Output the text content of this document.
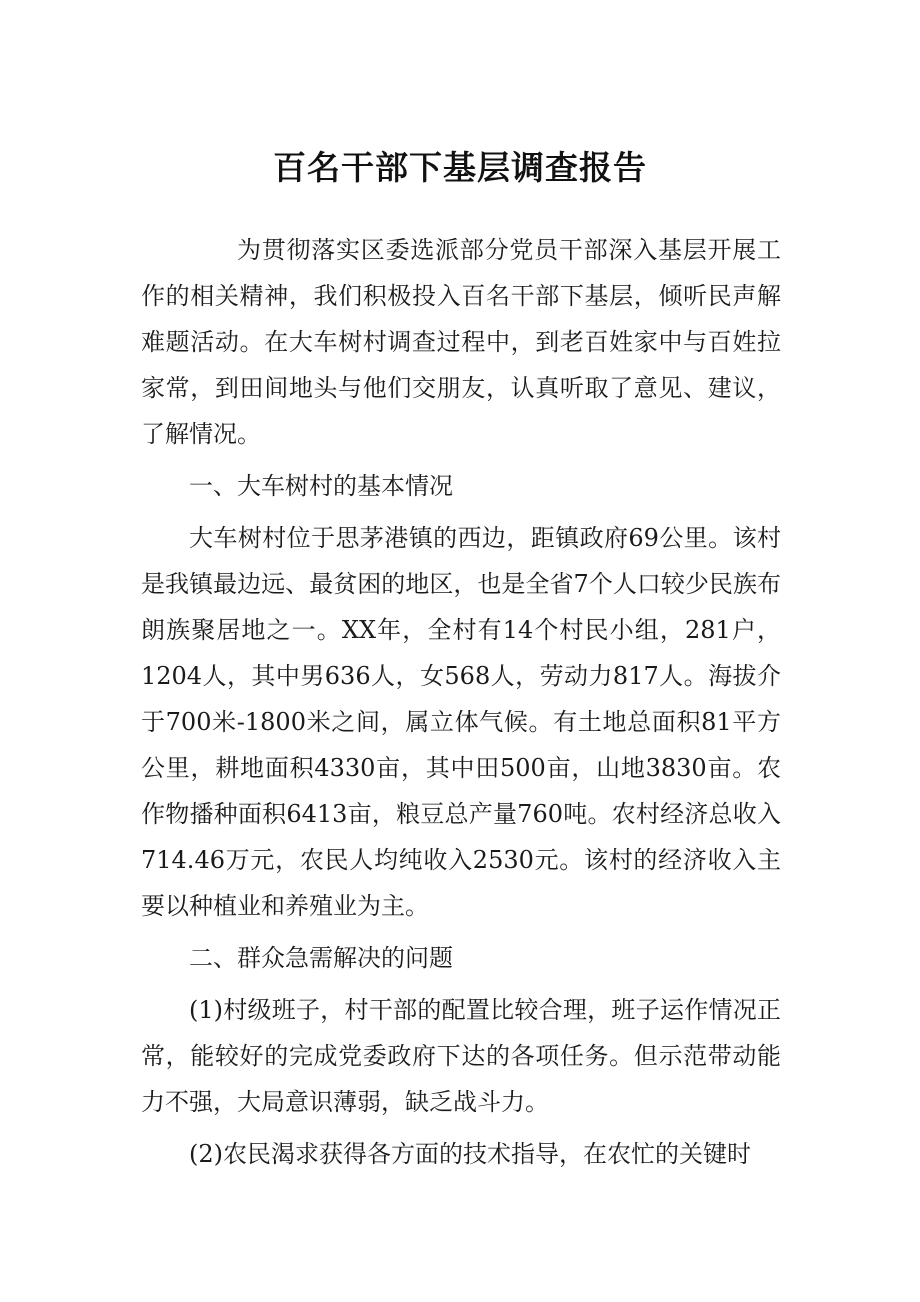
百名干部下基层调查报告

为贯彻落实区委选派部分党员干部深入基层开展工作的相关精神，我们积极投入百名干部下基层，倾听民声解难题活动。在大车树村调查过程中，到老百姓家中与百姓拉家常，到田间地头与他们交朋友，认真听取了意见、建议，了解情况。

一、大车树村的基本情况

大车树村位于思茅港镇的西边，距镇政府69公里。该村是我镇最边远、最贫困的地区，也是全省7个人口较少民族布朗族聚居地之一。XX年，全村有14个村民小组，281户，1204人，其中男636人，女568人，劳动力817人。海拔介于700米-1800米之间，属立体气候。有土地总面积81平方公里，耕地面积4330亩，其中田500亩，山地3830亩。农作物播种面积6413亩，粮豆总产量760吨。农村经济总收入714.46万元，农民人均纯收入2530元。该村的经济收入主要以种植业和养殖业为主。

二、群众急需解决的问题

(1)村级班子，村干部的配置比较合理，班子运作情况正常，能较好的完成党委政府下达的各项任务。但示范带动能力不强，大局意识薄弱，缺乏战斗力。

(2)农民渴求获得各方面的技术指导，在农忙的关键时
